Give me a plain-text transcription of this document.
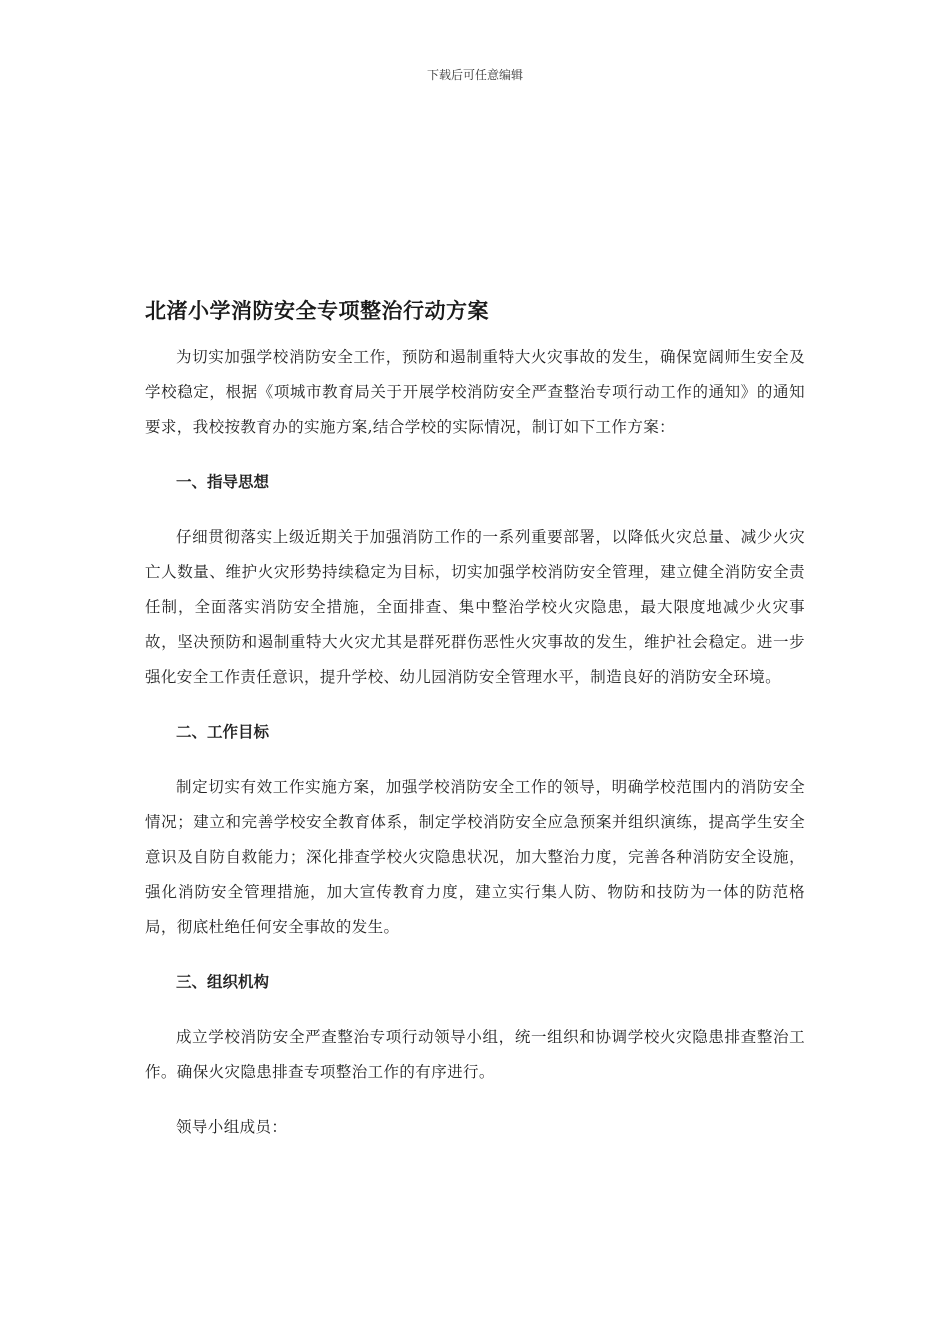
下载后可任意编辑
北渚小学消防安全专项整治行动方案

为切实加强学校消防安全工作，预防和遏制重特大火灾事故的发生，确保宽阔师生安全及学校稳定，根据《项城市教育局关于开展学校消防安全严查整治专项行动工作的通知》的通知要求，我校按教育办的实施方案,结合学校的实际情况，制订如下工作方案：

一、指导思想

仔细贯彻落实上级近期关于加强消防工作的一系列重要部署，以降低火灾总量、减少火灾亡人数量、维护火灾形势持续稳定为目标，切实加强学校消防安全管理，建立健全消防安全责任制，全面落实消防安全措施，全面排查、集中整治学校火灾隐患，最大限度地减少火灾事故，坚决预防和遏制重特大火灾尤其是群死群伤恶性火灾事故的发生，维护社会稳定。进一步强化安全工作责任意识，提升学校、幼儿园消防安全管理水平，制造良好的消防安全环境。

二、工作目标

制定切实有效工作实施方案，加强学校消防安全工作的领导，明确学校范围内的消防安全情况；建立和完善学校安全教育体系，制定学校消防安全应急预案并组织演练，提高学生安全意识及自防自救能力；深化排查学校火灾隐患状况，加大整治力度，完善各种消防安全设施，强化消防安全管理措施，加大宣传教育力度，建立实行集人防、物防和技防为一体的防范格局，彻底杜绝任何安全事故的发生。

三、组织机构

成立学校消防安全严查整治专项行动领导小组，统一组织和协调学校火灾隐患排查整治工作。确保火灾隐患排查专项整治工作的有序进行。

领导小组成员：
